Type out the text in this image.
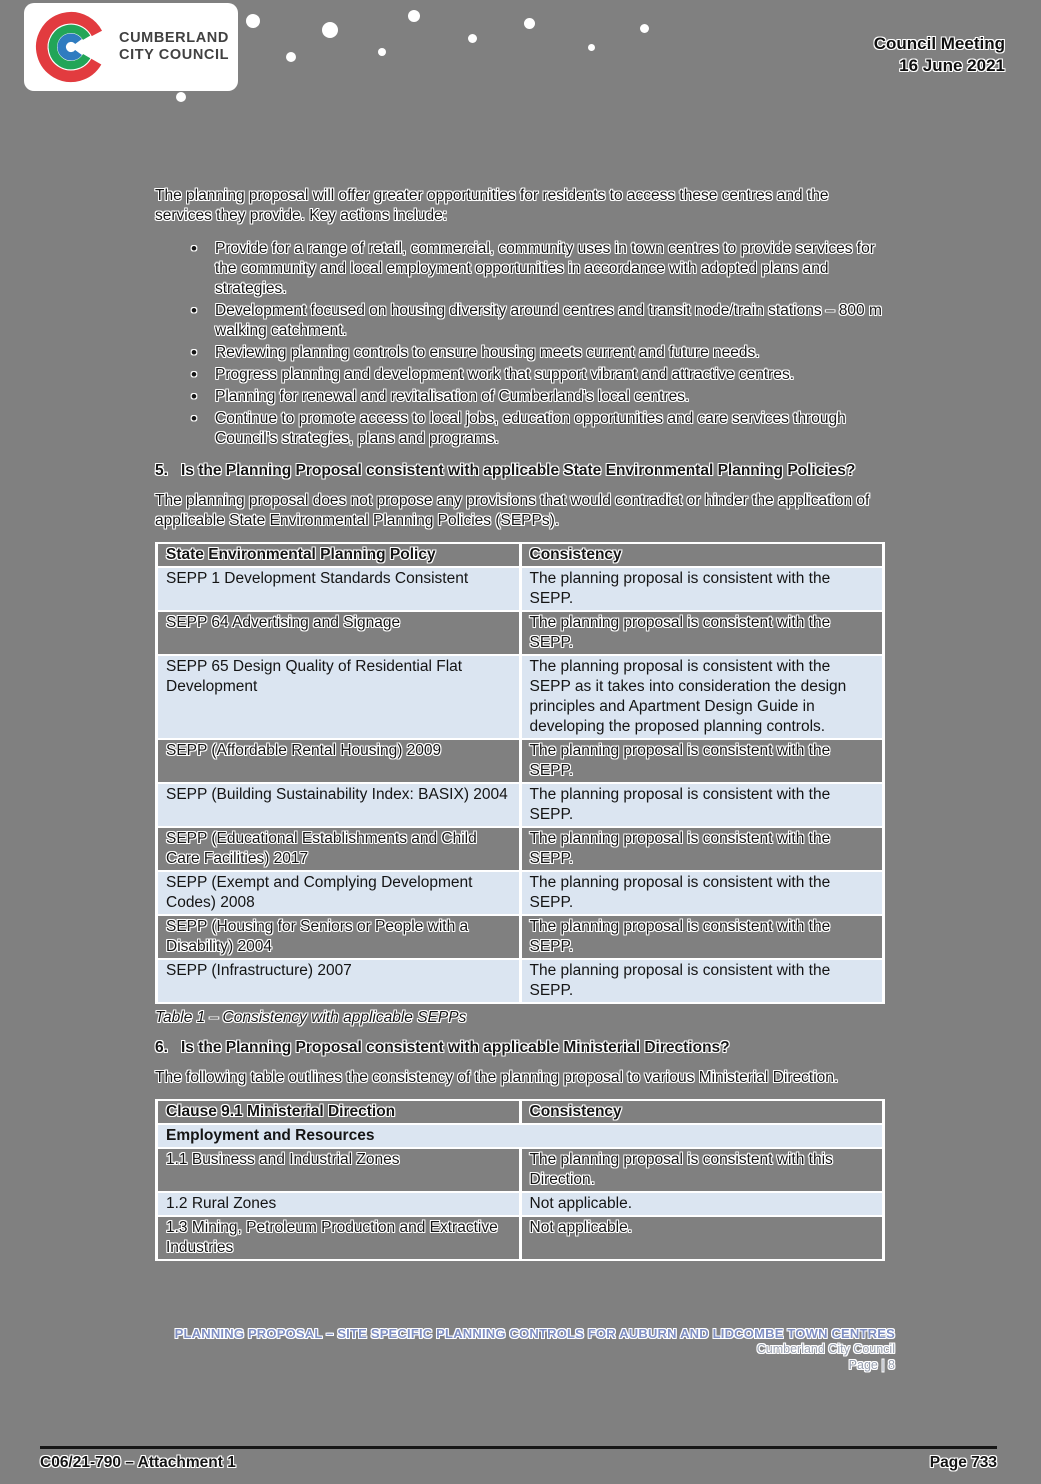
CUMBERLAND
CITY COUNCIL
Council Meeting
16 June 2021

The planning proposal will offer greater opportunities for residents to access these centres and the services they provide. Key actions include:

• Provide for a range of retail, commercial, community uses in town centres to provide services for the community and local employment opportunities in accordance with adopted plans and strategies.
• Development focused on housing diversity around centres and transit node/train stations – 800 m walking catchment.
• Reviewing planning controls to ensure housing meets current and future needs.
• Progress planning and development work that support vibrant and attractive centres.
• Planning for renewal and revitalisation of Cumberland's local centres.
• Continue to promote access to local jobs, education opportunities and care services through Council's strategies, plans and programs.
5. Is the Planning Proposal consistent with applicable State Environmental Planning Policies?

The planning proposal does not propose any provisions that would contradict or hinder the application of applicable State Environmental Planning Policies (SEPPs).

State Environmental Planning Policy	Consistency
SEPP 1 Development Standards Consistent	The planning proposal is consistent with the SEPP.
SEPP 64 Advertising and Signage	The planning proposal is consistent with the SEPP.
SEPP 65 Design Quality of Residential Flat Development	The planning proposal is consistent with the SEPP as it takes into consideration the design principles and Apartment Design Guide in developing the proposed planning controls.
SEPP (Affordable Rental Housing) 2009	The planning proposal is consistent with the SEPP.
SEPP (Building Sustainability Index: BASIX) 2004	The planning proposal is consistent with the SEPP.
SEPP (Educational Establishments and Child Care Facilities) 2017	The planning proposal is consistent with the SEPP.
SEPP (Exempt and Complying Development Codes) 2008	The planning proposal is consistent with the SEPP.
SEPP (Housing for Seniors or People with a Disability) 2004	The planning proposal is consistent with the SEPP.
SEPP (Infrastructure) 2007	The planning proposal is consistent with the SEPP.
Table 1 – Consistency with applicable SEPPs
6. Is the Planning Proposal consistent with applicable Ministerial Directions?

The following table outlines the consistency of the planning proposal to various Ministerial Direction.

Clause 9.1 Ministerial Direction	Consistency
Employment and Resources	
1.1 Business and Industrial Zones	The planning proposal is consistent with this Direction.
1.2 Rural Zones	Not applicable.
1.3 Mining, Petroleum Production and Extractive Industries	Not applicable.
PLANNING PROPOSAL – SITE SPECIFIC PLANNING CONTROLS FOR AUBURN AND LIDCOMBE TOWN CENTRES
Cumberland City Council
Page | 8
C06/21-790 – Attachment 1	Page 733
